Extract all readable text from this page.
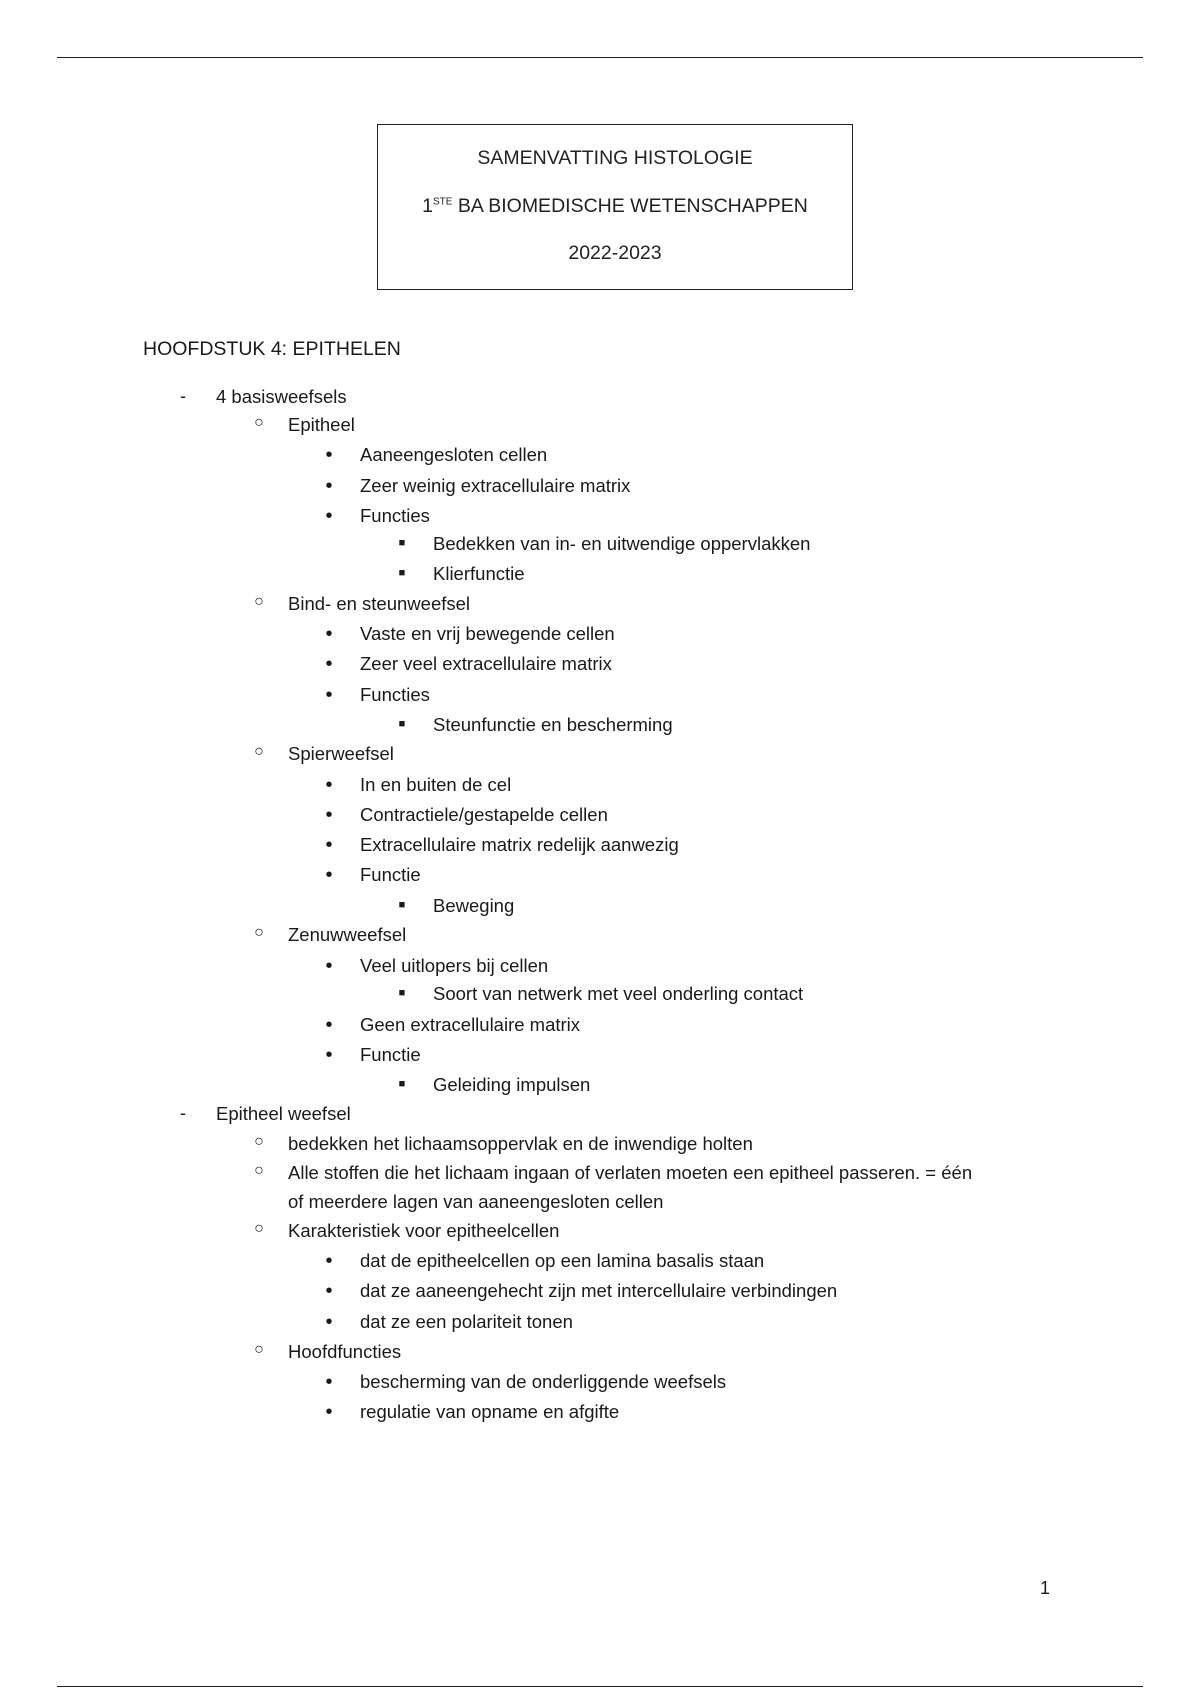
SAMENVATTING HISTOLOGIE
1STE BA BIOMEDISCHE WETENSCHAPPEN
2022-2023
HOOFDSTUK 4: EPITHELEN
-	4 basisweefsels
○ Epitheel
•	Aaneengesloten cellen
•	Zeer weinig extracellulaire matrix
•	Functies
■	Bedekken van in- en uitwendige oppervlakken
■	Klierfunctie
○ Bind- en steunweefsel
•	Vaste en vrij bewegende cellen
•	Zeer veel extracellulaire matrix
•	Functies
■	Steunfunctie en bescherming
○ Spierweefsel
•	In en buiten de cel
•	Contractiele/gestapelde cellen
•	Extracellulaire matrix redelijk aanwezig
•	Functie
■	Beweging
○ Zenuwweefsel
•	Veel uitlopers bij cellen
■	Soort van netwerk met veel onderling contact
•	Geen extracellulaire matrix
•	Functie
■	Geleiding impulsen
-	Epitheel weefsel
○ bedekken het lichaamsoppervlak en de inwendige holten
○ Alle stoffen die het lichaam ingaan of verlaten moeten een epitheel passeren. = één
of meerdere lagen van aaneengesloten cellen
○ Karakteristiek voor epitheelcellen
•	dat de epitheelcellen op een lamina basalis staan
•	dat ze aaneengehecht zijn met intercellulaire verbindingen
•	dat ze een polariteit tonen
○ Hoofdfuncties
•	bescherming van de onderliggende weefsels
•	regulatie van opname en afgifte
1
